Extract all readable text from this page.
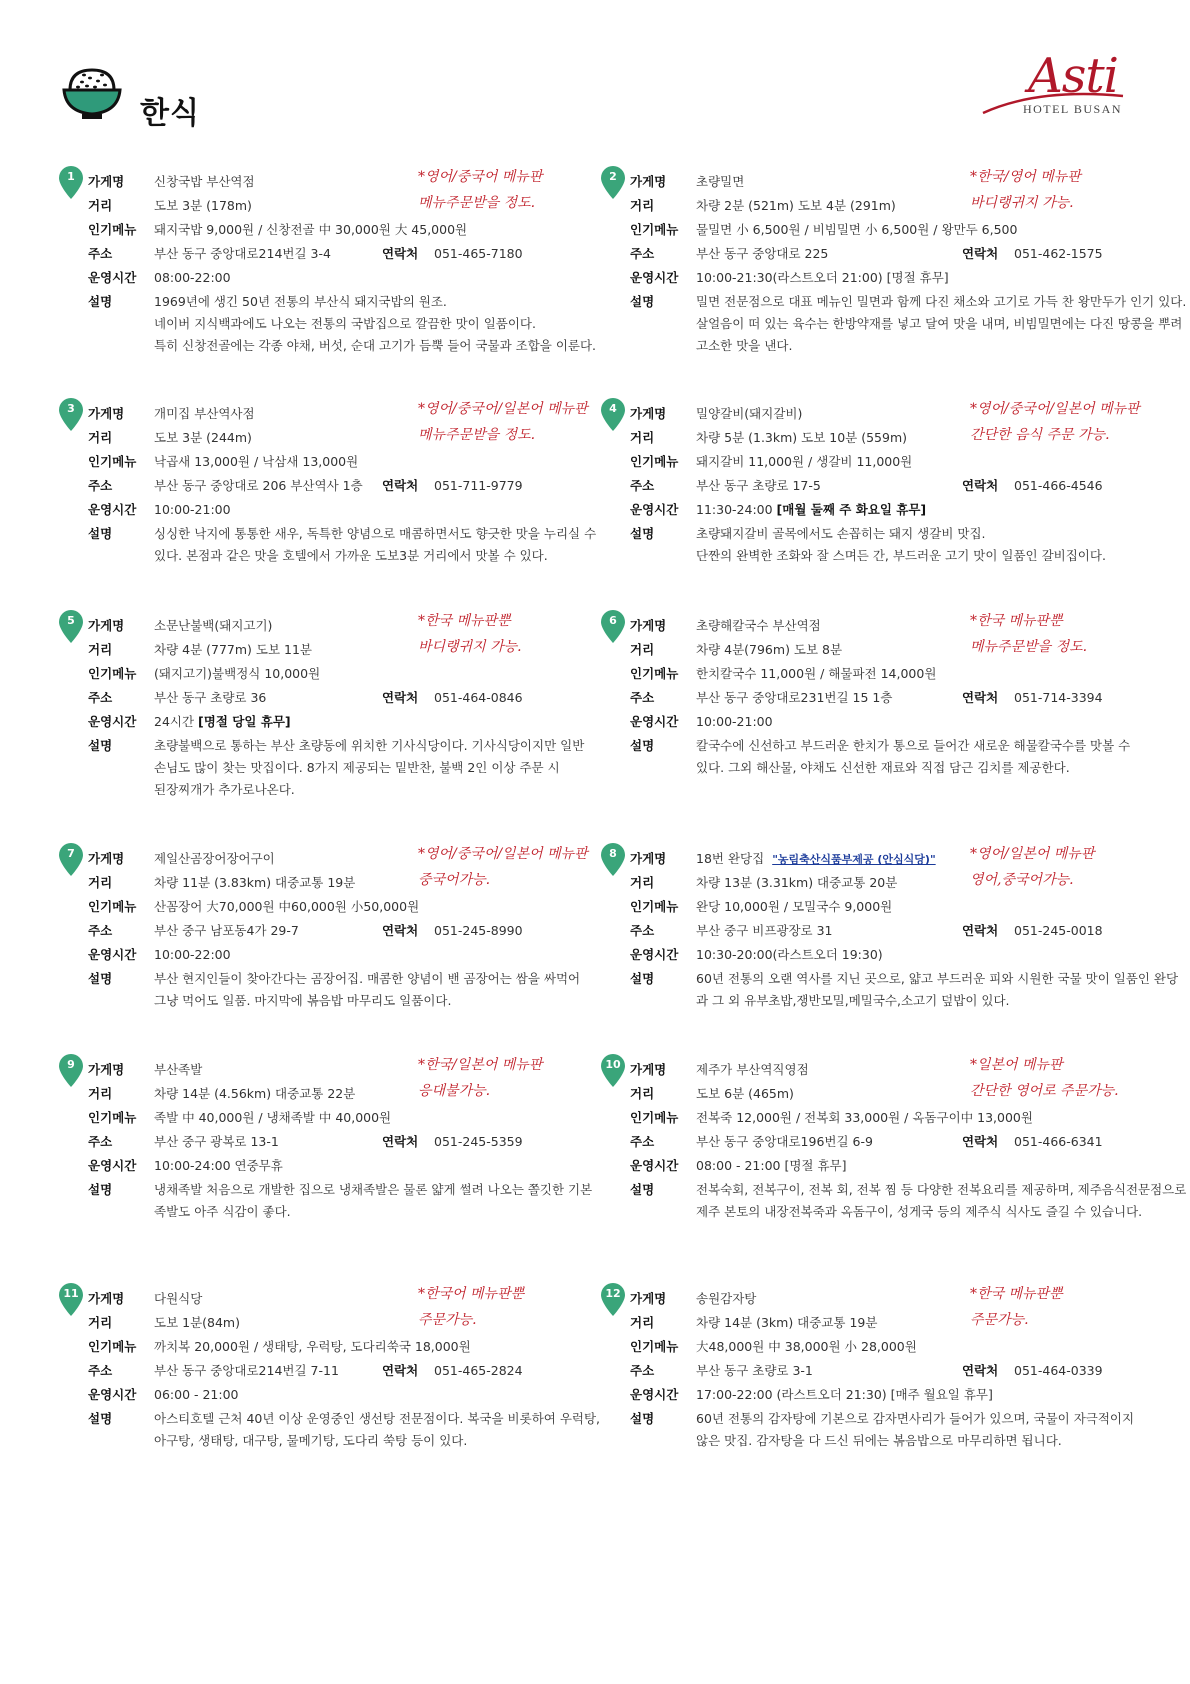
한식
Asti
HOTEL BUSAN
1	가게명 신창국밥 부산역점
거리	도보 3분 (178m)
인기메뉴 돼지국밥 9,000원 / 신창전골 中 30,000원 大 45,000원
주소	부산 동구 중앙대로214번길 3-4	연락처 051-465-7180
운영시간 08:00-22:00
설명	1969년에 생긴 50년 전통의 부산식 돼지국밥의 원조.

네이버 지식백과에도 나오는 전통의 국밥집으로 깔끔한 맛이 일품이다.

특히 신창전골에는 각종 야채, 버섯, 순대 고기가 듬뿍 들어 국물과 조합을 이룬다.

*영어/중국어 메뉴판
메뉴주문받을 정도.
2	가게명 초량밀면
거리	차량 2분 (521m) 도보 4분 (291m)
인기메뉴 물밀면 小 6,500원 / 비빔밀면 小 6,500원 / 왕만두 6,500
주소	부산 동구 중앙대로 225	연락처 051-462-1575
운영시간 10:00-21:30(라스트오더 21:00) [명절 휴무]
설명	밀면 전문점으로 대표 메뉴인 밀면과 함께 다진 채소와 고기로 가득 찬 왕만두가 인기 있다.

살얼음이 떠 있는 육수는 한방약재를 넣고 달여 맛을 내며, 비빔밀면에는 다진 땅콩을 뿌려

고소한 맛을 낸다.

*한국/영어 메뉴판
바디랭귀지 가능.
3	가게명 개미집 부산역사점
거리	도보 3분 (244m)
인기메뉴 낙곱새 13,000원 / 낙삼새 13,000원
주소	부산 동구 중앙대로 206 부산역사 1층 연락처 051-711-9779
운영시간 10:00-21:00
설명	싱싱한 낙지에 통통한 새우, 독특한 양념으로 매콤하면서도 향긋한 맛을 누리실 수

있다. 본점과 같은 맛을 호텔에서 가까운 도보3분 거리에서 맛볼 수 있다.

*영어/중국어/일본어 메뉴판
메뉴주문받을 정도.
4	가게명 밀양갈비(돼지갈비)
거리	차량 5분 (1.3km) 도보 10분 (559m)
인기메뉴 돼지갈비 11,000원 / 생갈비 11,000원
주소	부산 동구 초량로 17-5	연락처 051-466-4546
운영시간 11:30-24:00 [매월 둘째 주 화요일 휴무]
설명	초량돼지갈비 골목에서도 손꼽히는 돼지 생갈비 맛집.

단짠의 완벽한 조화와 잘 스며든 간, 부드러운 고기 맛이 일품인 갈비집이다.

*영어/중국어/일본어 메뉴판
간단한 음식 주문 가능.
5	가게명 소문난불백(돼지고기)
거리	차량 4분 (777m) 도보 11분
인기메뉴 (돼지고기)불백정식 10,000원
주소	부산 동구 초량로 36	연락처 051-464-0846
운영시간 24시간 [명절 당일 휴무]
설명	초량불백으로 통하는 부산 초량동에 위치한 기사식당이다. 기사식당이지만 일반

손님도 많이 찾는 맛집이다. 8가지 제공되는 밑반찬, 불백 2인 이상 주문 시

된장찌개가 추가로나온다.

*한국 메뉴판뿐
바디랭귀지 가능.
6	가게명 초량해칼국수 부산역점
거리	차량 4분(796m) 도보 8분
인기메뉴 한치칼국수 11,000원 / 해물파전 14,000원
주소	부산 동구 중앙대로231번길 15 1층	연락처 051-714-3394
운영시간 10:00-21:00
설명	칼국수에 신선하고 부드러운 한치가 통으로 들어간 새로운 해물칼국수를 맛볼 수

있다. 그외 해산물, 야채도 신선한 재료와 직접 담근 김치를 제공한다.

*한국 메뉴판뿐
메뉴주문받을 정도.
7	가게명 제일산곰장어장어구이
거리	차량 11분 (3.83km) 대중교통 19분
인기메뉴 산꼼장어 大70,000원 中60,000원 小50,000원
주소	부산 중구 남포동4가 29-7	연락처 051-245-8990
운영시간 10:00-22:00
설명	부산 현지인들이 찾아간다는 곰장어집. 매콤한 양념이 밴 곰장어는 쌈을 싸먹어

그냥 먹어도 일품. 마지막에 볶음밥 마무리도 일품이다.

*영어/중국어/일본어 메뉴판
중국어가능.
8	가게명 18번 완당집 "농림축산식품부제공 (안심식당)"
거리	차량 13분 (3.31km) 대중교통 20분
인기메뉴 완당 10,000원 / 모밀국수 9,000원
주소	부산 중구 비프광장로 31	연락처 051-245-0018
운영시간 10:30-20:00(라스트오더 19:30)
설명	60년 전통의 오랜 역사를 지닌 곳으로, 얇고 부드러운 피와 시원한 국물 맛이 일품인 완당

과 그 외 유부초밥,쟁반모밀,메밀국수,소고기 덮밥이 있다.

*영어/일본어 메뉴판
영어,중국어가능.
9	가게명 부산족발
거리	차량 14분 (4.56km) 대중교통 22분
인기메뉴 족발 中 40,000원 / 냉채족발 中 40,000원
주소	부산 중구 광복로 13-1	연락처 051-245-5359
운영시간 10:00-24:00 연중무휴
설명	냉채족발 처음으로 개발한 집으로 냉채족발은 물론 얇게 썰려 나오는 쫄깃한 기본

족발도 아주 식감이 좋다.

*한국/일본어 메뉴판
응대불가능.
10 가게명 제주가 부산역직영점
거리	도보 6분 (465m)
인기메뉴 전복죽 12,000원 / 전복회 33,000원 / 옥돔구이中 13,000원
주소	부산 동구 중앙대로196번길 6-9	연락처 051-466-6341
운영시간 08:00 - 21:00 [명절 휴무]
설명	전복숙회, 전복구이, 전복 회, 전복 찜 등 다양한 전복요리를 제공하며, 제주음식전문점으로

제주 본토의 내장전복죽과 옥돔구이, 성게국 등의 제주식 식사도 즐길 수 있습니다.

*일본어 메뉴판
간단한 영어로 주문가능.
11 가게명 다원식당
거리	도보 1분(84m)
인기메뉴 까치복 20,000원 / 생태탕, 우럭탕, 도다리쑥국 18,000원
주소	부산 동구 중앙대로214번길 7-11	연락처 051-465-2824
운영시간 06:00 - 21:00
설명	아스티호텔 근처 40년 이상 운영중인 생선탕 전문점이다. 복국을 비롯하여 우럭탕,

아구탕, 생태탕, 대구탕, 물메기탕, 도다리 쑥탕 등이 있다.

*한국어 메뉴판뿐
주문가능.
12 가게명 송원감자탕
거리	차량 14분 (3km) 대중교통 19분
인기메뉴 大48,000원 中 38,000원 小 28,000원
주소	부산 동구 초량로 3-1	연락처 051-464-0339
운영시간 17:00-22:00 (라스트오더 21:30) [매주 월요일 휴무]
설명	60년 전통의 감자탕에 기본으로 감자면사리가 들어가 있으며, 국물이 자극적이지

않은 맛집. 감자탕을 다 드신 뒤에는 볶음밥으로 마무리하면 됩니다.

*한국 메뉴판뿐
주문가능.
